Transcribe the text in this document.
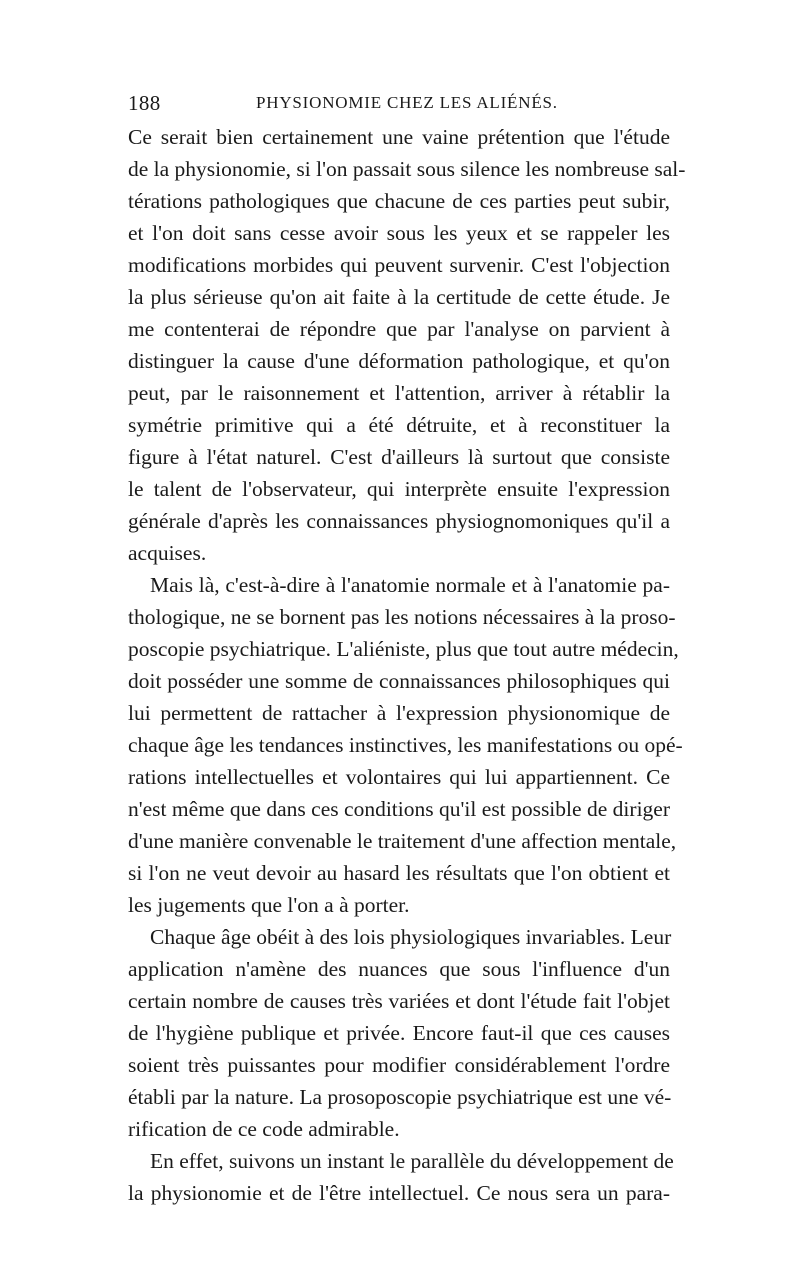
188	PHYSIONOMIE CHEZ LES ALIÉNÉS.
Ce serait bien certainement une vaine prétention que l'étude
de la physionomie, si l'on passait sous silence les nombreuse sal-
térations pathologiques que chacune de ces parties peut subir,
et l'on doit sans cesse avoir sous les yeux et se rappeler les
modifications morbides qui peuvent survenir. C'est l'objection
la plus sérieuse qu'on ait faite à la certitude de cette étude. Je
me contenterai de répondre que par l'analyse on parvient à
distinguer la cause d'une déformation pathologique, et qu'on
peut, par le raisonnement et l'attention, arriver à rétablir la
symétrie primitive qui a été détruite, et à reconstituer la
figure à l'état naturel. C'est d'ailleurs là surtout que consiste
le talent de l'observateur, qui interprète ensuite l'expression
générale d'après les connaissances physiognomoniques qu'il a
acquises.
Mais là, c'est-à-dire à l'anatomie normale et à l'anatomie pa-
thologique, ne se bornent pas les notions nécessaires à la proso-
poscopie psychiatrique. L'aliéniste, plus que tout autre médecin,
doit posséder une somme de connaissances philosophiques qui
lui permettent de rattacher à l'expression physionomique de
chaque âge les tendances instinctives, les manifestations ou opé-
rations intellectuelles et volontaires qui lui appartiennent. Ce
n'est même que dans ces conditions qu'il est possible de diriger
d'une manière convenable le traitement d'une affection mentale,
si l'on ne veut devoir au hasard les résultats que l'on obtient et
les jugements que l'on a à porter.
Chaque âge obéit à des lois physiologiques invariables. Leur
application n'amène des nuances que sous l'influence d'un
certain nombre de causes très variées et dont l'étude fait l'objet
de l'hygiène publique et privée. Encore faut-il que ces causes
soient très puissantes pour modifier considérablement l'ordre
établi par la nature. La prosoposcopie psychiatrique est une vé-
rification de ce code admirable.
En effet, suivons un instant le parallèle du développement de
la physionomie et de l'être intellectuel. Ce nous sera un para-
